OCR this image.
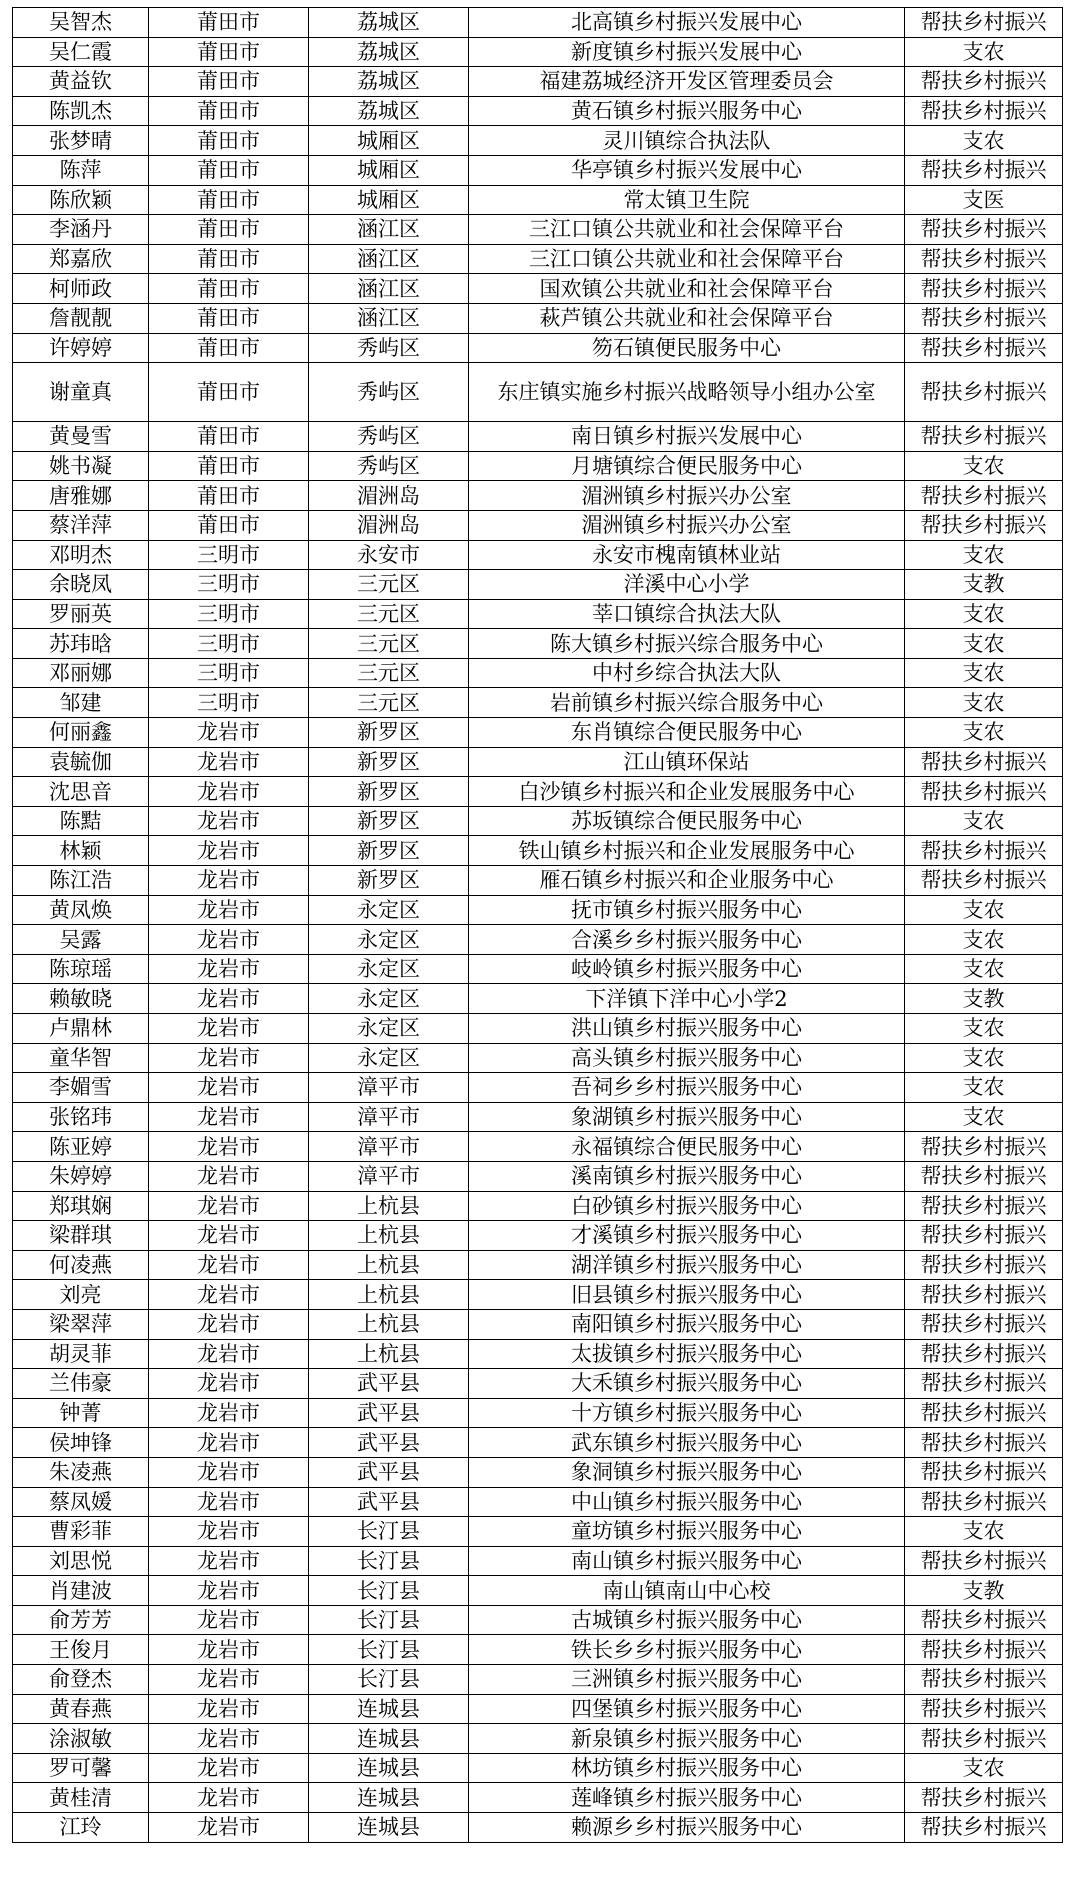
吴智杰	莆田市	荔城区	北高镇乡村振兴发展中心	帮扶乡村振兴
吴仁霞	莆田市	荔城区	新度镇乡村振兴发展中心	支农
黄益钦	莆田市	荔城区	福建荔城经济开发区管理委员会	帮扶乡村振兴
陈凯杰	莆田市	荔城区	黄石镇乡村振兴服务中心	帮扶乡村振兴
张梦晴	莆田市	城厢区	灵川镇综合执法队	支农
陈萍	莆田市	城厢区	华亭镇乡村振兴发展中心	帮扶乡村振兴
陈欣颖	莆田市	城厢区	常太镇卫生院	支医
李涵丹	莆田市	涵江区	三江口镇公共就业和社会保障平台	帮扶乡村振兴
郑嘉欣	莆田市	涵江区	三江口镇公共就业和社会保障平台	帮扶乡村振兴
柯师政	莆田市	涵江区	国欢镇公共就业和社会保障平台	帮扶乡村振兴
詹靓靓	莆田市	涵江区	萩芦镇公共就业和社会保障平台	帮扶乡村振兴
许婷婷	莆田市	秀屿区	笏石镇便民服务中心	帮扶乡村振兴
谢童真	莆田市	秀屿区	东庄镇实施乡村振兴战略领导小组办公室	帮扶乡村振兴
黄曼雪	莆田市	秀屿区	南日镇乡村振兴发展中心	帮扶乡村振兴
姚书凝	莆田市	秀屿区	月塘镇综合便民服务中心	支农
唐雅娜	莆田市	湄洲岛	湄洲镇乡村振兴办公室	帮扶乡村振兴
蔡洋萍	莆田市	湄洲岛	湄洲镇乡村振兴办公室	帮扶乡村振兴
邓明杰	三明市	永安市	永安市槐南镇林业站	支农
余晓凤	三明市	三元区	洋溪中心小学	支教
罗丽英	三明市	三元区	莘口镇综合执法大队	支农
苏玮晗	三明市	三元区	陈大镇乡村振兴综合服务中心	支农
邓丽娜	三明市	三元区	中村乡综合执法大队	支农
邹建	三明市	三元区	岩前镇乡村振兴综合服务中心	支农
何丽鑫	龙岩市	新罗区	东肖镇综合便民服务中心	支农
袁毓伽	龙岩市	新罗区	江山镇环保站	帮扶乡村振兴
沈思音	龙岩市	新罗区	白沙镇乡村振兴和企业发展服务中心	帮扶乡村振兴
陈黠	龙岩市	新罗区	苏坂镇综合便民服务中心	支农
林颖	龙岩市	新罗区	铁山镇乡村振兴和企业发展服务中心	帮扶乡村振兴
陈江浩	龙岩市	新罗区	雁石镇乡村振兴和企业服务中心	帮扶乡村振兴
黄凤焕	龙岩市	永定区	抚市镇乡村振兴服务中心	支农
吴露	龙岩市	永定区	合溪乡乡村振兴服务中心	支农
陈琼瑶	龙岩市	永定区	岐岭镇乡村振兴服务中心	支农
赖敏晓	龙岩市	永定区	下洋镇下洋中心小学2	支教
卢鼎林	龙岩市	永定区	洪山镇乡村振兴服务中心	支农
童华智	龙岩市	永定区	高头镇乡村振兴服务中心	支农
李媚雪	龙岩市	漳平市	吾祠乡乡村振兴服务中心	支农
张铭玮	龙岩市	漳平市	象湖镇乡村振兴服务中心	支农
陈亚婷	龙岩市	漳平市	永福镇综合便民服务中心	帮扶乡村振兴
朱婷婷	龙岩市	漳平市	溪南镇乡村振兴服务中心	帮扶乡村振兴
郑琪娴	龙岩市	上杭县	白砂镇乡村振兴服务中心	帮扶乡村振兴
梁群琪	龙岩市	上杭县	才溪镇乡村振兴服务中心	帮扶乡村振兴
何凌燕	龙岩市	上杭县	湖洋镇乡村振兴服务中心	帮扶乡村振兴
刘亮	龙岩市	上杭县	旧县镇乡村振兴服务中心	帮扶乡村振兴
梁翠萍	龙岩市	上杭县	南阳镇乡村振兴服务中心	帮扶乡村振兴
胡灵菲	龙岩市	上杭县	太拔镇乡村振兴服务中心	帮扶乡村振兴
兰伟豪	龙岩市	武平县	大禾镇乡村振兴服务中心	帮扶乡村振兴
钟菁	龙岩市	武平县	十方镇乡村振兴服务中心	帮扶乡村振兴
侯坤锋	龙岩市	武平县	武东镇乡村振兴服务中心	帮扶乡村振兴
朱凌燕	龙岩市	武平县	象洞镇乡村振兴服务中心	帮扶乡村振兴
蔡凤媛	龙岩市	武平县	中山镇乡村振兴服务中心	帮扶乡村振兴
曹彩菲	龙岩市	长汀县	童坊镇乡村振兴服务中心	支农
刘思悦	龙岩市	长汀县	南山镇乡村振兴服务中心	帮扶乡村振兴
肖建波	龙岩市	长汀县	南山镇南山中心校	支教
俞芳芳	龙岩市	长汀县	古城镇乡村振兴服务中心	帮扶乡村振兴
王俊月	龙岩市	长汀县	铁长乡乡村振兴服务中心	帮扶乡村振兴
俞登杰	龙岩市	长汀县	三洲镇乡村振兴服务中心	帮扶乡村振兴
黄春燕	龙岩市	连城县	四堡镇乡村振兴服务中心	帮扶乡村振兴
涂淑敏	龙岩市	连城县	新泉镇乡村振兴服务中心	帮扶乡村振兴
罗可馨	龙岩市	连城县	林坊镇乡村振兴服务中心	支农
黄桂清	龙岩市	连城县	莲峰镇乡村振兴服务中心	帮扶乡村振兴
江玲	龙岩市	连城县	赖源乡乡村振兴服务中心	帮扶乡村振兴
